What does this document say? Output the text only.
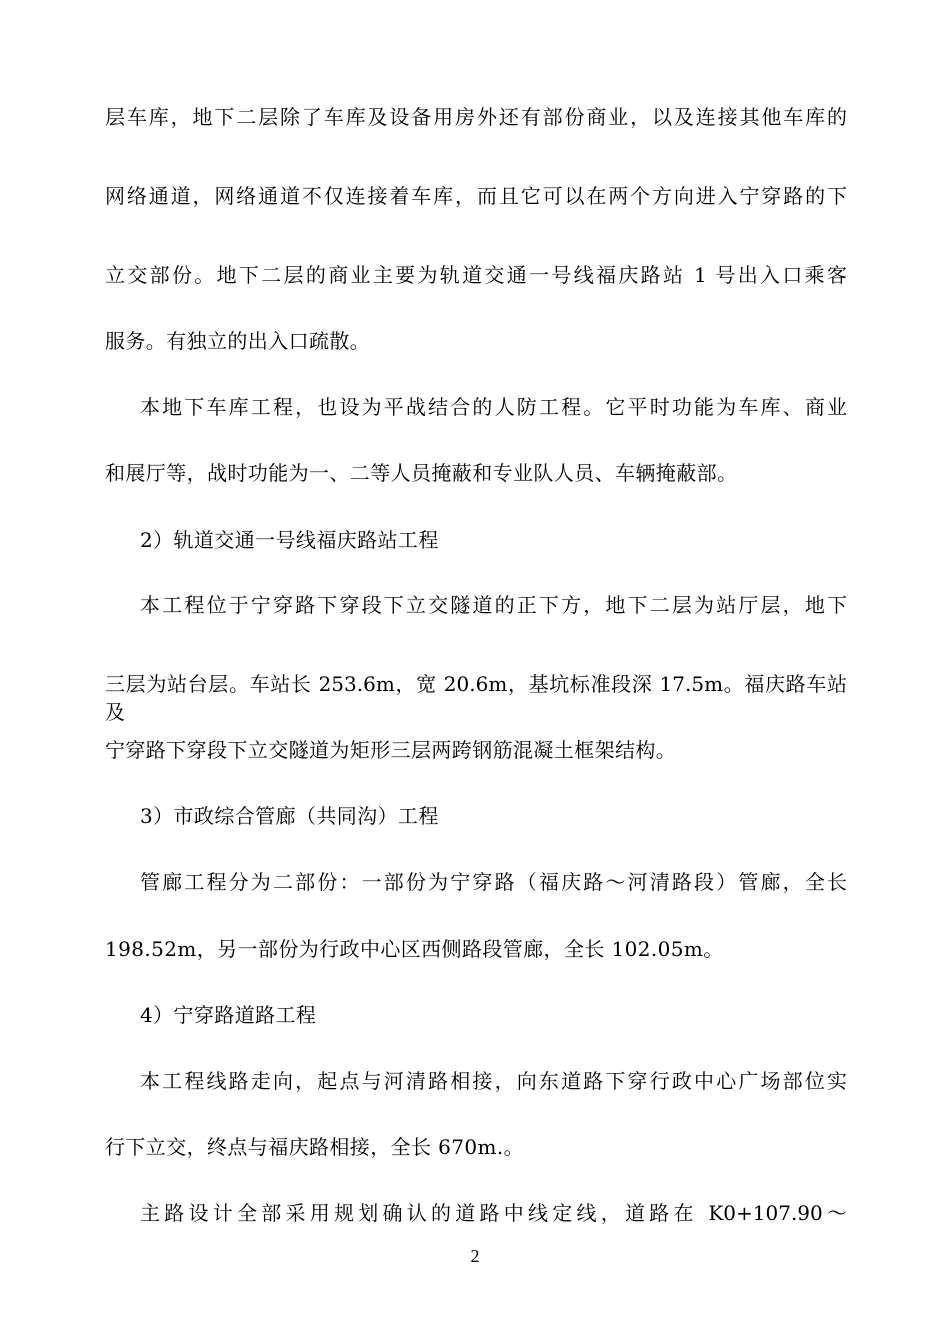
层车库，地下二层除了车库及设备用房外还有部份商业，以及连接其他车库的
网络通道，网络通道不仅连接着车库，而且它可以在两个方向进入宁穿路的下
立交部份。地下二层的商业主要为轨道交通一号线福庆路站 1 号出入口乘客
服务。有独立的出入口疏散。
本地下车库工程，也设为平战结合的人防工程。它平时功能为车库、商业
和展厅等，战时功能为一、二等人员掩蔽和专业队人员、车辆掩蔽部。
2）轨道交通一号线福庆路站工程
本工程位于宁穿路下穿段下立交隧道的正下方，地下二层为站厅层，地下
三层为站台层。车站长 253.6m，宽 20.6m，基坑标准段深 17.5m。福庆路车站及
宁穿路下穿段下立交隧道为矩形三层两跨钢筋混凝土框架结构。
3）市政综合管廊（共同沟）工程
管廊工程分为二部份：一部份为宁穿路（福庆路～河清路段）管廊，全长
198.52m，另一部份为行政中心区西侧路段管廊，全长 102.05m。
4）宁穿路道路工程
本工程线路走向，起点与河清路相接，向东道路下穿行政中心广场部位实
行下立交，终点与福庆路相接，全长 670m.。
主路设计全部采用规划确认的道路中线定线，道路在 K0+107.90～
2
